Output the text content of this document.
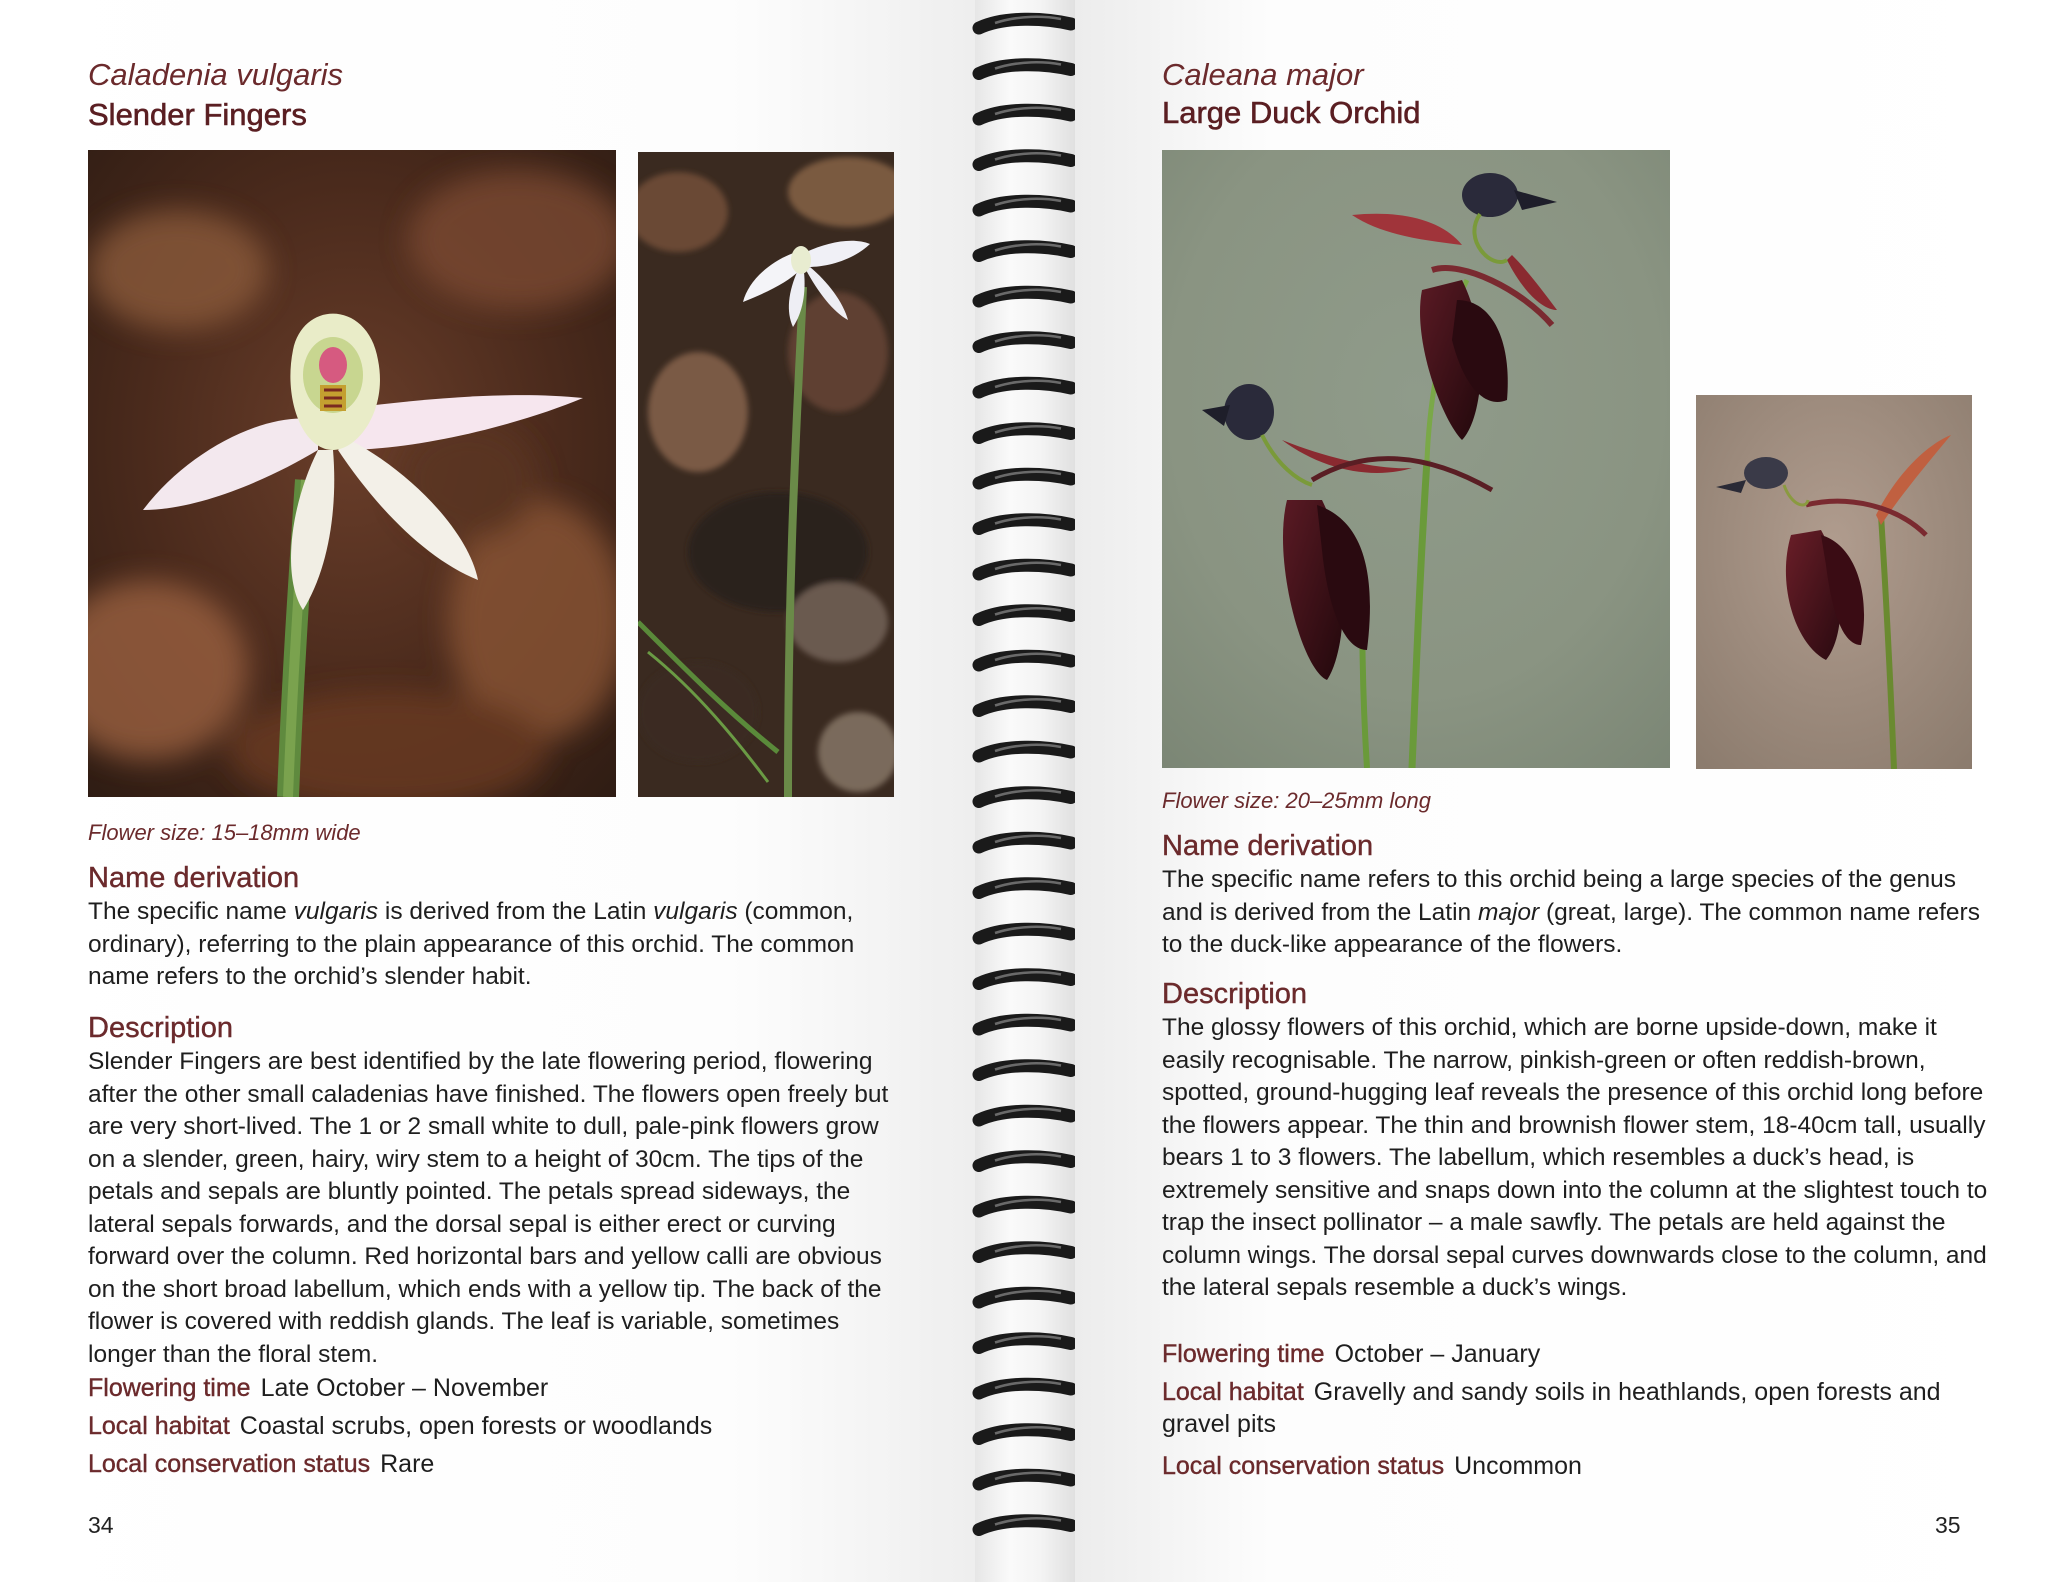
Caladenia vulgaris
Slender Fingers
Flower size: 15–18mm wide
Name derivation

The specific name vulgaris is derived from the Latin vulgaris (common, ordinary), referring to the plain appearance of this orchid. The common name refers to the orchid’s slender habit.

Description

Slender Fingers are best identified by the late flowering period, flowering after the other small caladenias have finished. The flowers open freely but are very short-lived. The 1 or 2 small white to dull, pale-pink flowers grow on a slender, green, hairy, wiry stem to a height of 30cm. The tips of the petals and sepals are bluntly pointed. The petals spread sideways, the lateral sepals forwards, and the dorsal sepal is either erect or curving forward over the column. Red horizontal bars and yellow calli are obvious on the short broad labellum, which ends with a yellow tip. The back of the flower is covered with reddish glands. The leaf is variable, sometimes longer than the floral stem.

Flowering time Late October – November
Local habitat Coastal scrubs, open forests or woodlands
Local conservation status Rare
34
Caleana major
Large Duck Orchid
Flower size: 20–25mm long
Name derivation

The specific name refers to this orchid being a large species of the genus and is derived from the Latin major (great, large). The common name refers to the duck-like appearance of the flowers.

Description

The glossy flowers of this orchid, which are borne upside-down, make it easily recognisable. The narrow, pinkish-green or often reddish-brown, spotted, ground-hugging leaf reveals the presence of this orchid long before the flowers appear. The thin and brownish flower stem, 18-40cm tall, usually bears 1 to 3 flowers. The labellum, which resembles a duck’s head, is extremely sensitive and snaps down into the column at the slightest touch to trap the insect pollinator – a male sawfly. The petals are held against the column wings. The dorsal sepal curves downwards close to the column, and the lateral sepals resemble a duck’s wings.

Flowering time October – January
Local habitat Gravelly and sandy soils in heathlands, open forests and gravel pits
Local conservation status Uncommon
35
